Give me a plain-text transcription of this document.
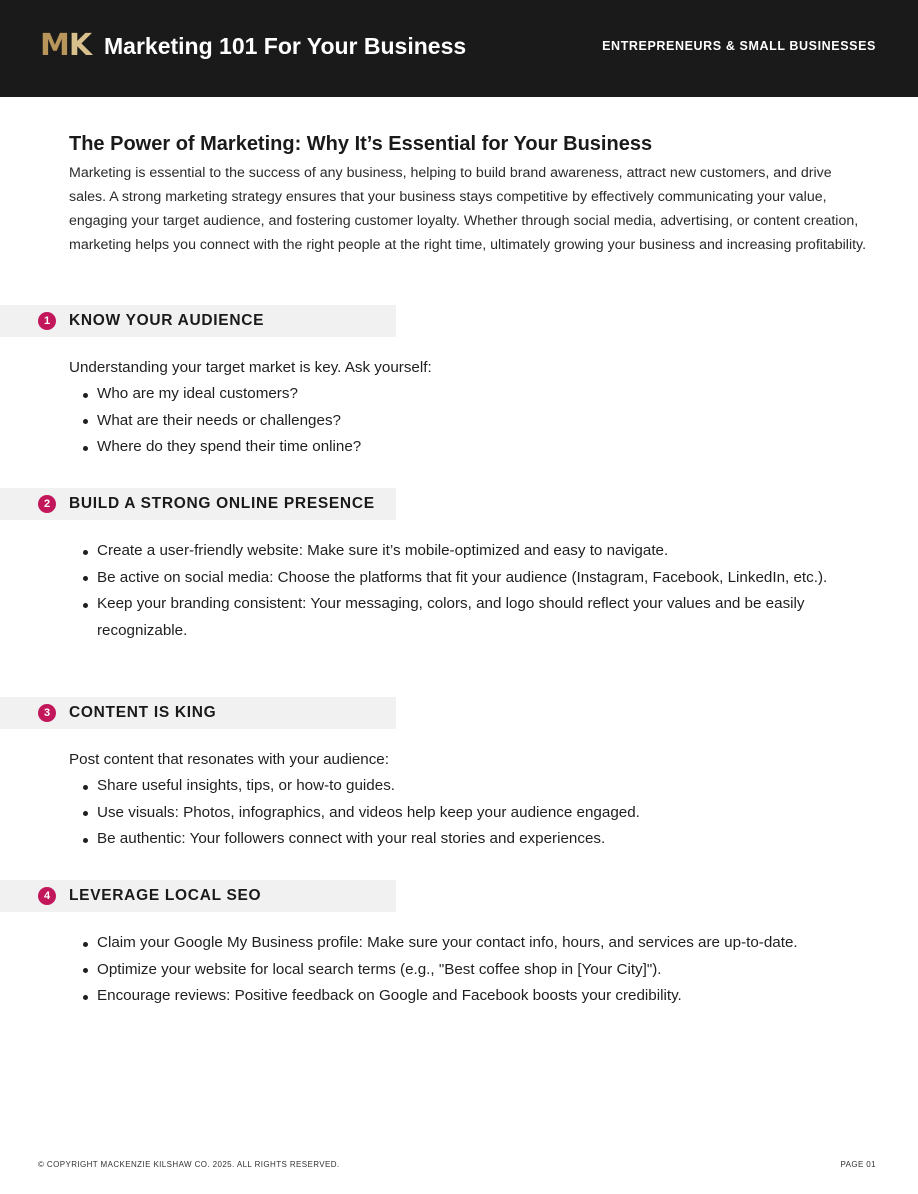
MK Marketing 101 For Your Business	ENTREPRENEURS & SMALL BUSINESSES
The Power of Marketing: Why It’s Essential for Your Business
Marketing is essential to the success of any business, helping to build brand awareness, attract new customers, and drive sales. A strong marketing strategy ensures that your business stays competitive by effectively communicating your value, engaging your target audience, and fostering customer loyalty. Whether through social media, advertising, or content creation, marketing helps you connect with the right people at the right time, ultimately growing your business and increasing profitability.
1	KNOW YOUR AUDIENCE
Understanding your target market is key. Ask yourself:
Who are my ideal customers?
What are their needs or challenges?
Where do they spend their time online?
2	BUILD A STRONG ONLINE PRESENCE
Create a user-friendly website: Make sure it’s mobile-optimized and easy to navigate.
Be active on social media: Choose the platforms that fit your audience (Instagram, Facebook, LinkedIn, etc.).
Keep your branding consistent: Your messaging, colors, and logo should reflect your values and be easily recognizable.
3	CONTENT IS KING
Post content that resonates with your audience:
Share useful insights, tips, or how-to guides.
Use visuals: Photos, infographics, and videos help keep your audience engaged.
Be authentic: Your followers connect with your real stories and experiences.
4	LEVERAGE LOCAL SEO
Claim your Google My Business profile: Make sure your contact info, hours, and services are up-to-date.
Optimize your website for local search terms (e.g., "Best coffee shop in [Your City]").
Encourage reviews: Positive feedback on Google and Facebook boosts your credibility.
© COPYRIGHT MACKENZIE KILSHAW CO. 2025. ALL RIGHTS RESERVED.	PAGE 01
